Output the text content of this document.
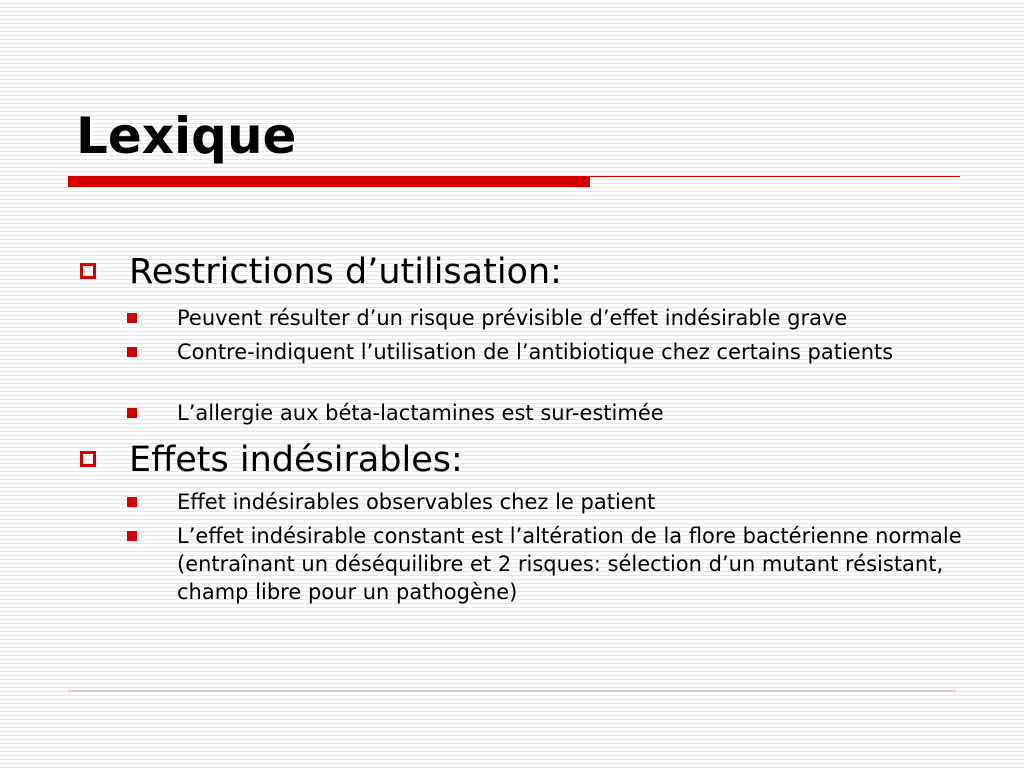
Lexique
Restrictions d’utilisation:
Peuvent résulter d’un risque prévisible d’effet indésirable grave
Contre-indiquent l’utilisation de l’antibiotique chez certains patients
L’allergie aux béta-lactamines est sur-estimée
Effets indésirables:
Effet indésirables observables chez le patient
L’effet indésirable constant est l’altération de la flore bactérienne normale (entraînant un déséquilibre et 2 risques: sélection d’un mutant résistant, champ libre pour un pathogène)
